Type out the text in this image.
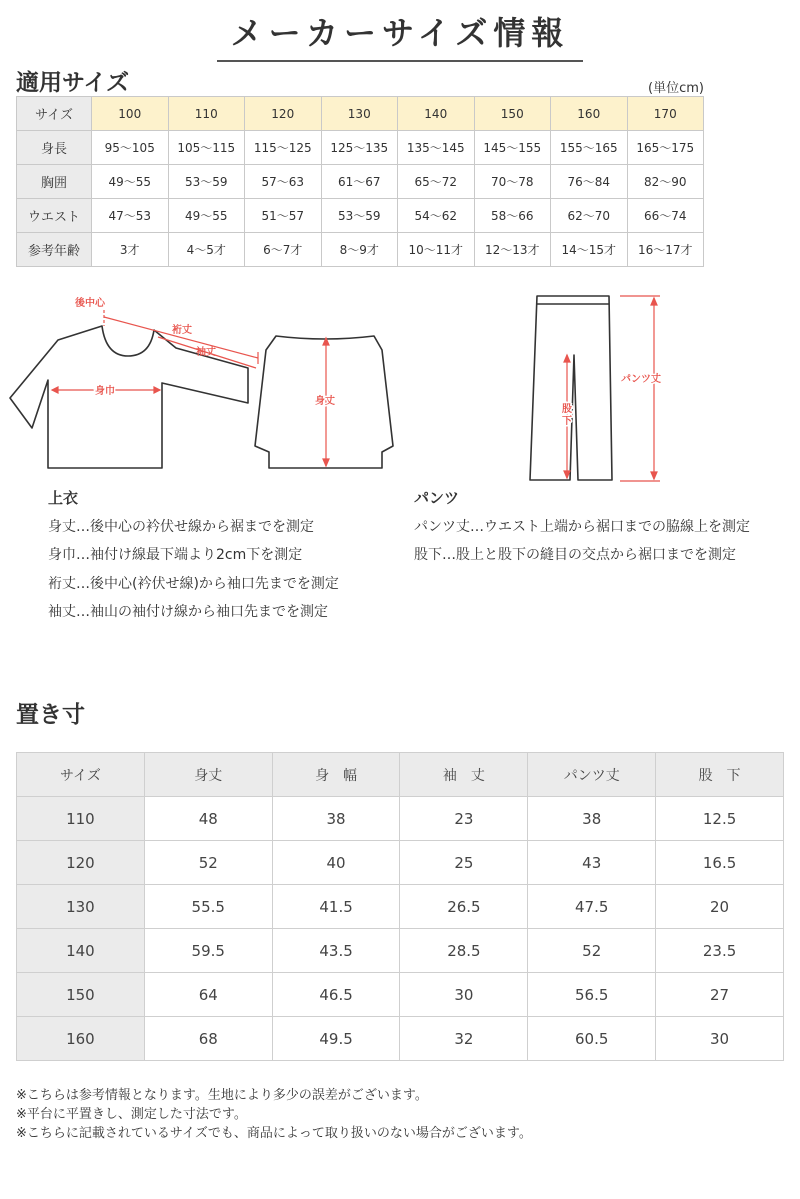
メーカーサイズ情報
適用サイズ	(単位cm)
サイズ	100	110	120	130	140	150	160	170
身長	95〜105	105〜115	115〜125	125〜135	135〜145	145〜155	155〜165	165〜175
胸囲	49〜55	53〜59	57〜63	61〜67	65〜72	70〜78	76〜84	82〜90
ウエスト	47〜53	49〜55	51〜57	53〜59	54〜62	58〜66	62〜70	66〜74
参考年齢	3才	4〜5才	6〜7才	8〜9才	10〜11才	12〜13才	14〜15才	16〜17才
後中心
裄丈
袖丈
身巾
身丈
パンツ丈
股
下
上衣
身丈…後中心の衿伏せ線から裾までを測定
身巾…袖付け線最下端より2cm下を測定
裄丈…後中心(衿伏せ線)から袖口先までを測定
袖丈…袖山の袖付け線から袖口先までを測定
パンツ
パンツ丈…ウエスト上端から裾口までの脇線上を測定
股下…股上と股下の縫目の交点から裾口までを測定
置き寸
サイズ	身丈	身　幅	袖　丈	パンツ丈	股　下
110	48	38	23	38	12.5
120	52	40	25	43	16.5
130	55.5	41.5	26.5	47.5	20
140	59.5	43.5	28.5	52	23.5
150	64	46.5	30	56.5	27
160	68	49.5	32	60.5	30
※こちらは参考情報となります。生地により多少の誤差がございます。
※平台に平置きし、測定した寸法です。
※こちらに記載されているサイズでも、商品によって取り扱いのない場合がございます。
